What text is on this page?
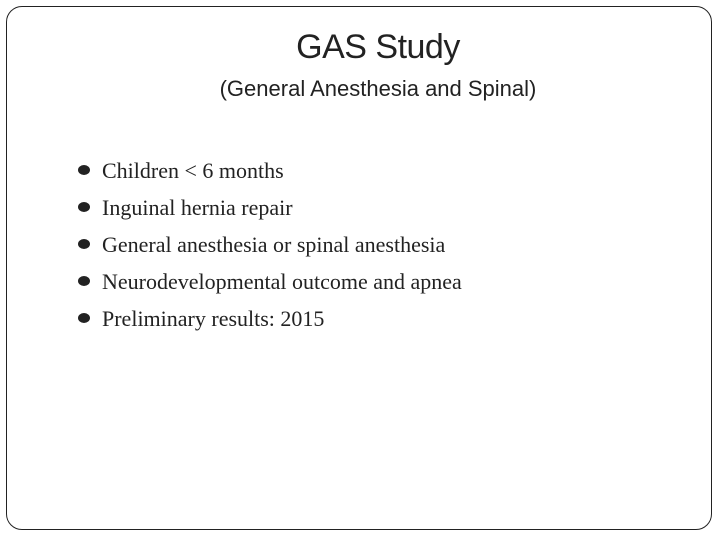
GAS Study
(General Anesthesia and Spinal)
Children < 6 months
Inguinal hernia repair
General anesthesia or spinal anesthesia
Neurodevelopmental outcome and apnea
Preliminary results: 2015
